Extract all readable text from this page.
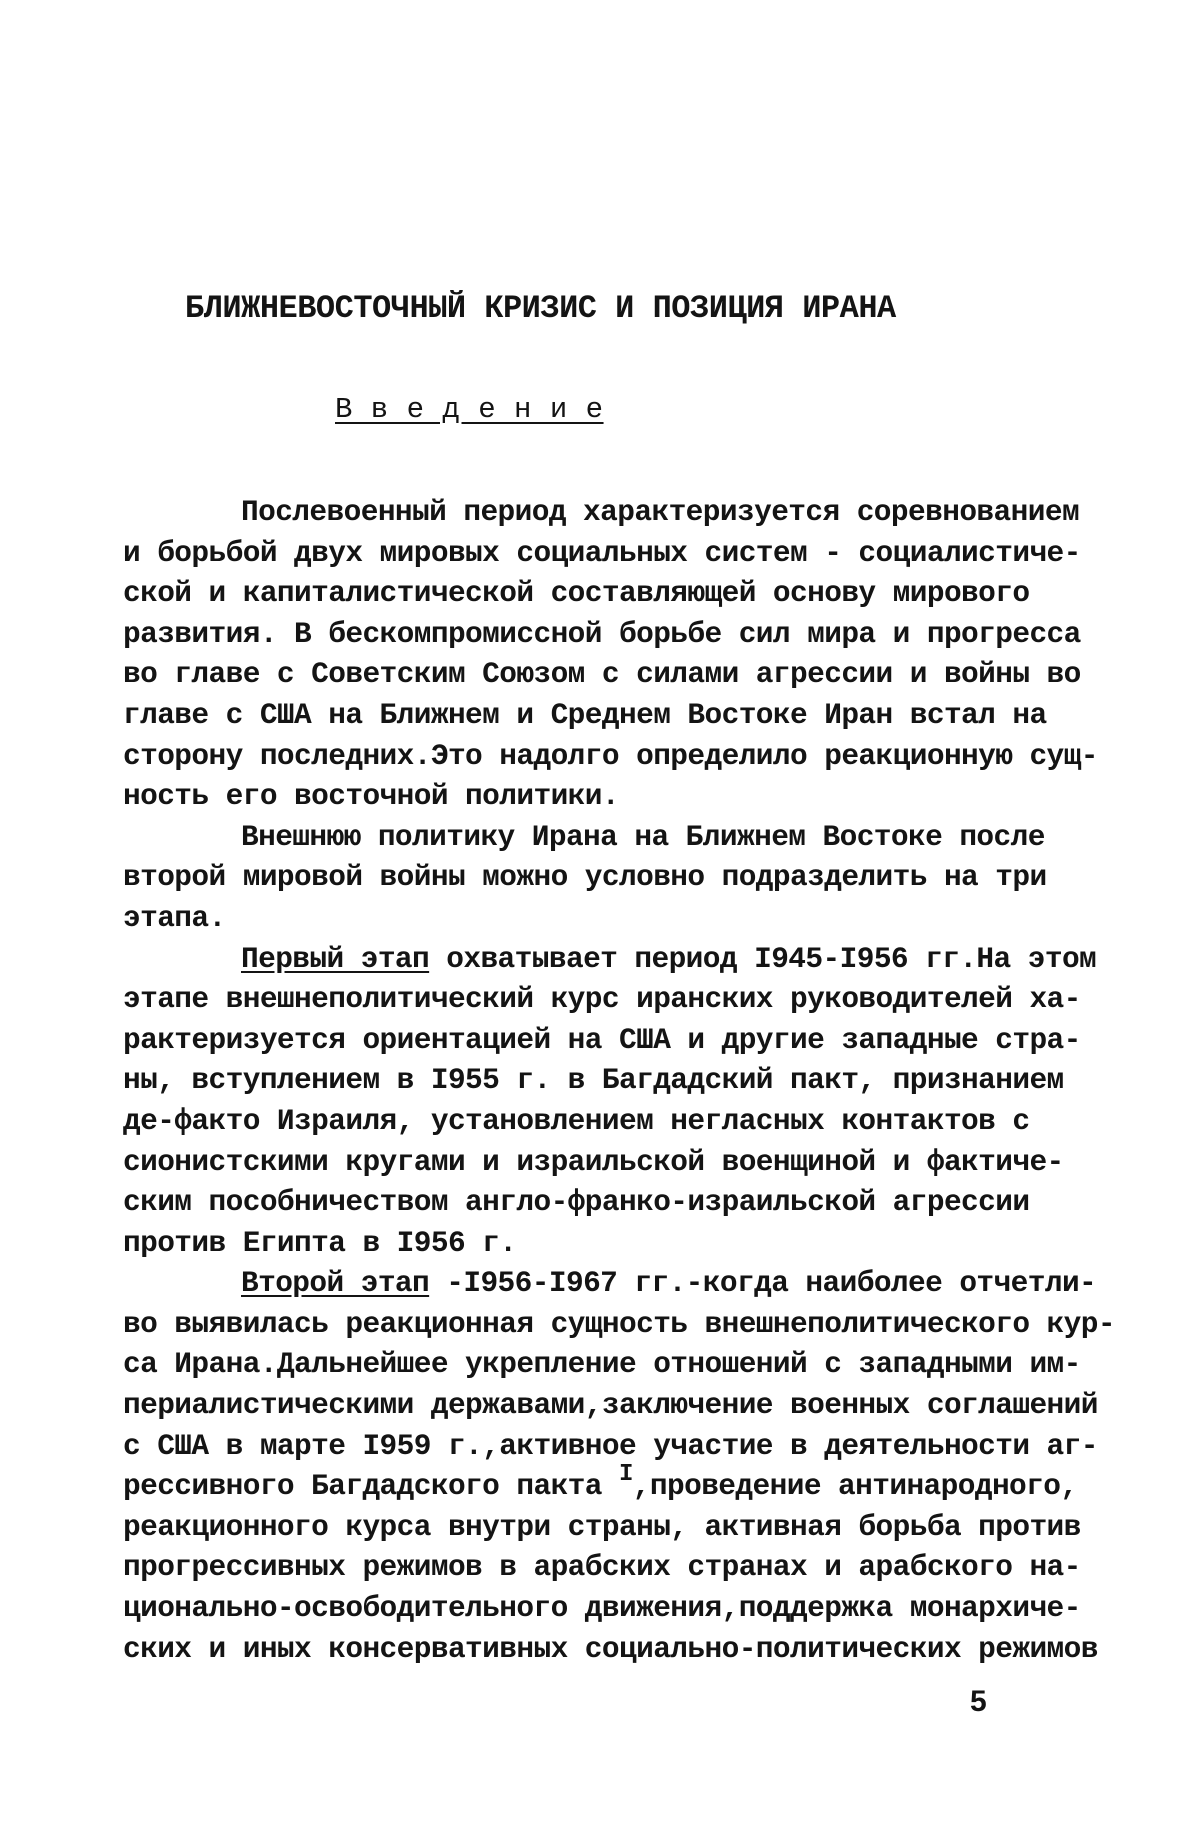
БЛИЖНЕВОСТОЧНЫЙ КРИЗИС И ПОЗИЦИЯ ИРАНА
В в е д е н и е
Послевоенный период характеризуется соревнованием
и борьбой двух мировых социальных систем - социалистиче-
ской и капиталистической составляющей основу мирового
развития. В бескомпромиссной борьбе сил мира и прогресса
во главе с Советским Союзом с силами агрессии и войны во
главе с США на Ближнем и Среднем Востоке Иран встал на
сторону последних.Это надолго определило реакционную сущ-
ность его восточной политики.
Внешнюю политику Ирана на Ближнем Востоке после
второй мировой войны можно условно подразделить на три
этапа.
Первый этап охватывает период I945-I956 гг.На этом
этапе внешнеполитический курс иранских руководителей ха-
рактеризуется ориентацией на США и другие западные стра-
ны, вступлением в I955 г. в Багдадский пакт, признанием
де-факто Израиля, установлением негласных контактов с
сионистскими кругами и израильской военщиной и фактиче-
ским пособничеством англо-франко-израильской агрессии
против Египта в I956 г.
Второй этап -I956-I967 гг.-когда наиболее отчетли-
во выявилась реакционная сущность внешнеполитического кур-
са Ирана.Дальнейшее укрепление отношений с западными им-
периалистическими державами,заключение военных соглашений
с США в марте I959 г.,активное участие в деятельности аг-
рессивного Багдадского пакта $^I$,проведение антинародного,
реакционного курса внутри страны, активная борьба против
прогрессивных режимов в арабских странах и арабского на-
ционально-освободительного движения,поддержка монархиче-
ских и иных консервативных социально-политических режимов
5
